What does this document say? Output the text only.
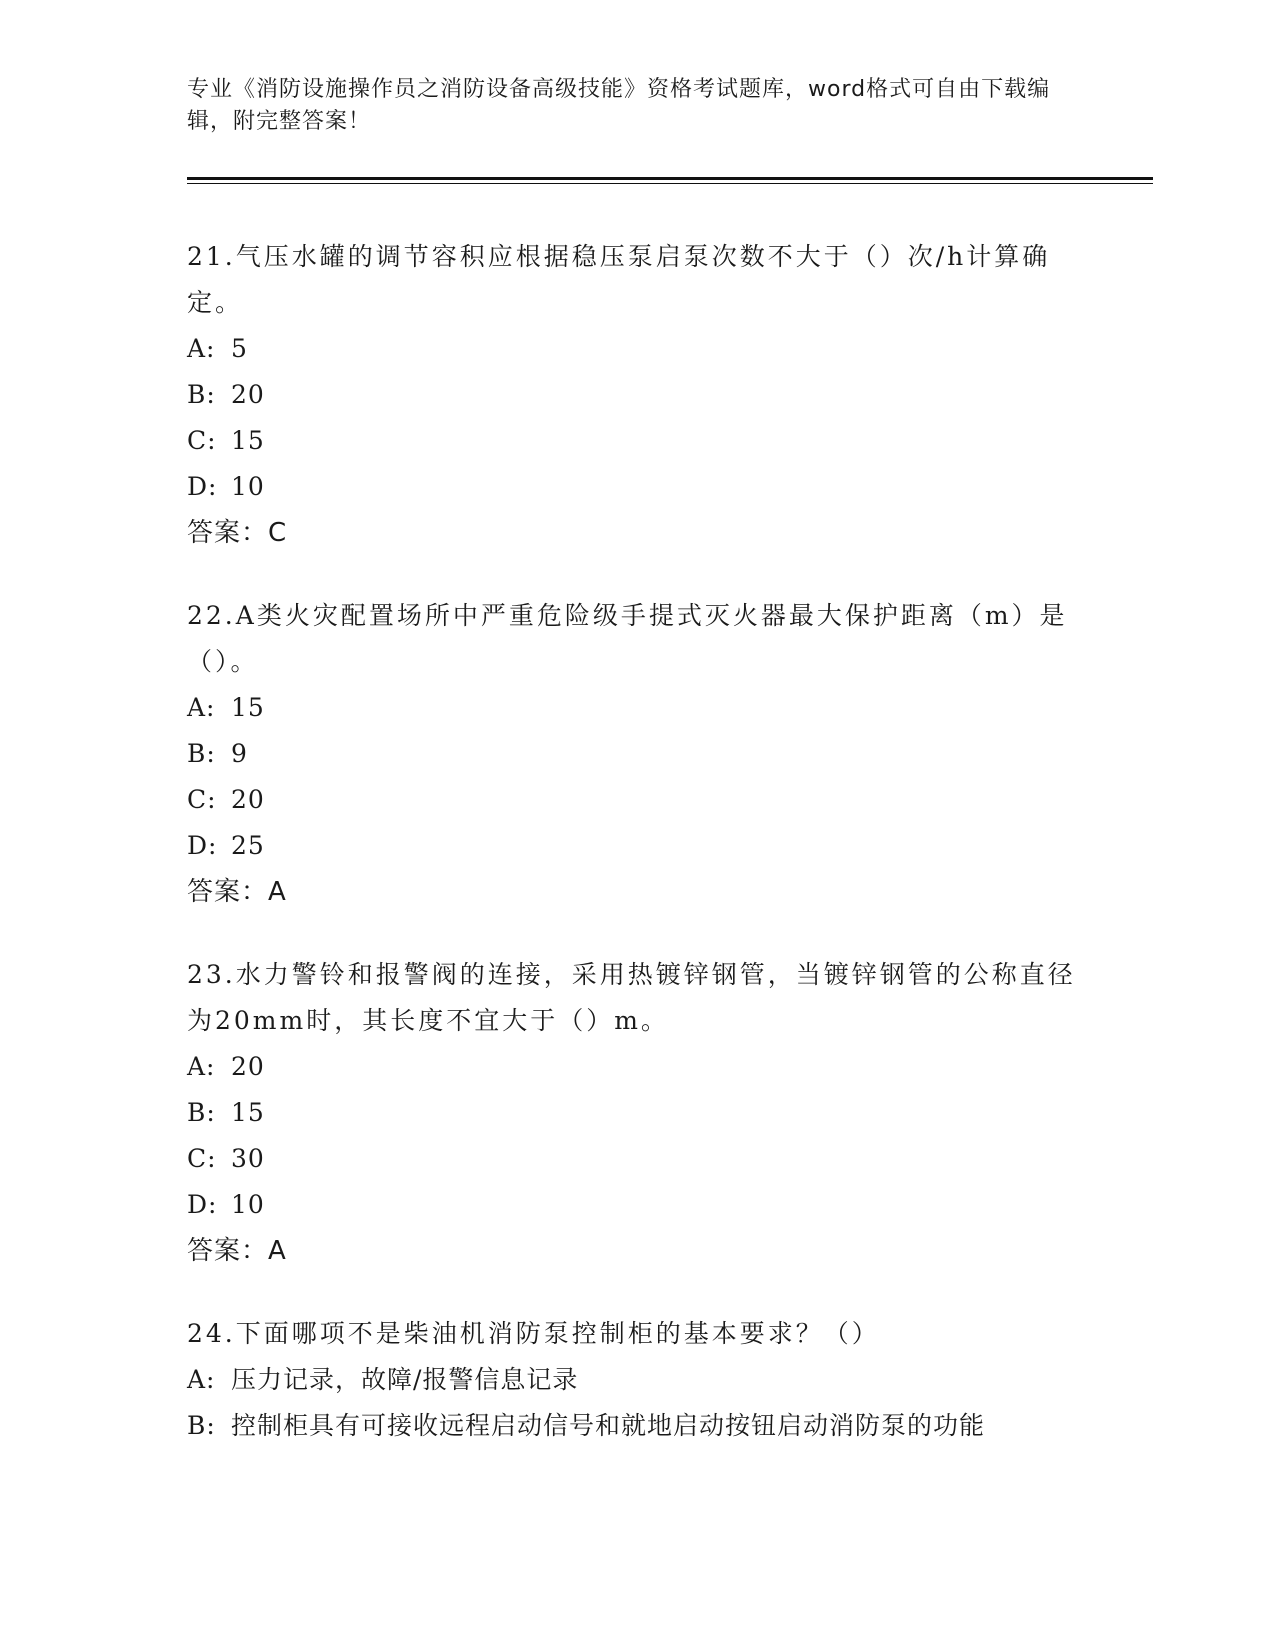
专业《消防设施操作员之消防设备高级技能》资格考试题库，word格式可自由下载编辑，附完整答案！
21.气压水罐的调节容积应根据稳压泵启泵次数不大于（）次/h计算确定。
A: 5
B: 20
C: 15
D: 10
答案：C
22.A类火灾配置场所中严重危险级手提式灭火器最大保护距离（m）是（）。
A: 15
B: 9
C: 20
D: 25
答案：A
23.水力警铃和报警阀的连接，采用热镀锌钢管，当镀锌钢管的公称直径为20mm时，其长度不宜大于（）m。
A: 20
B: 15
C: 30
D: 10
答案：A
24.下面哪项不是柴油机消防泵控制柜的基本要求？（）
A: 压力记录，故障/报警信息记录
B: 控制柜具有可接收远程启动信号和就地启动按钮启动消防泵的功能
